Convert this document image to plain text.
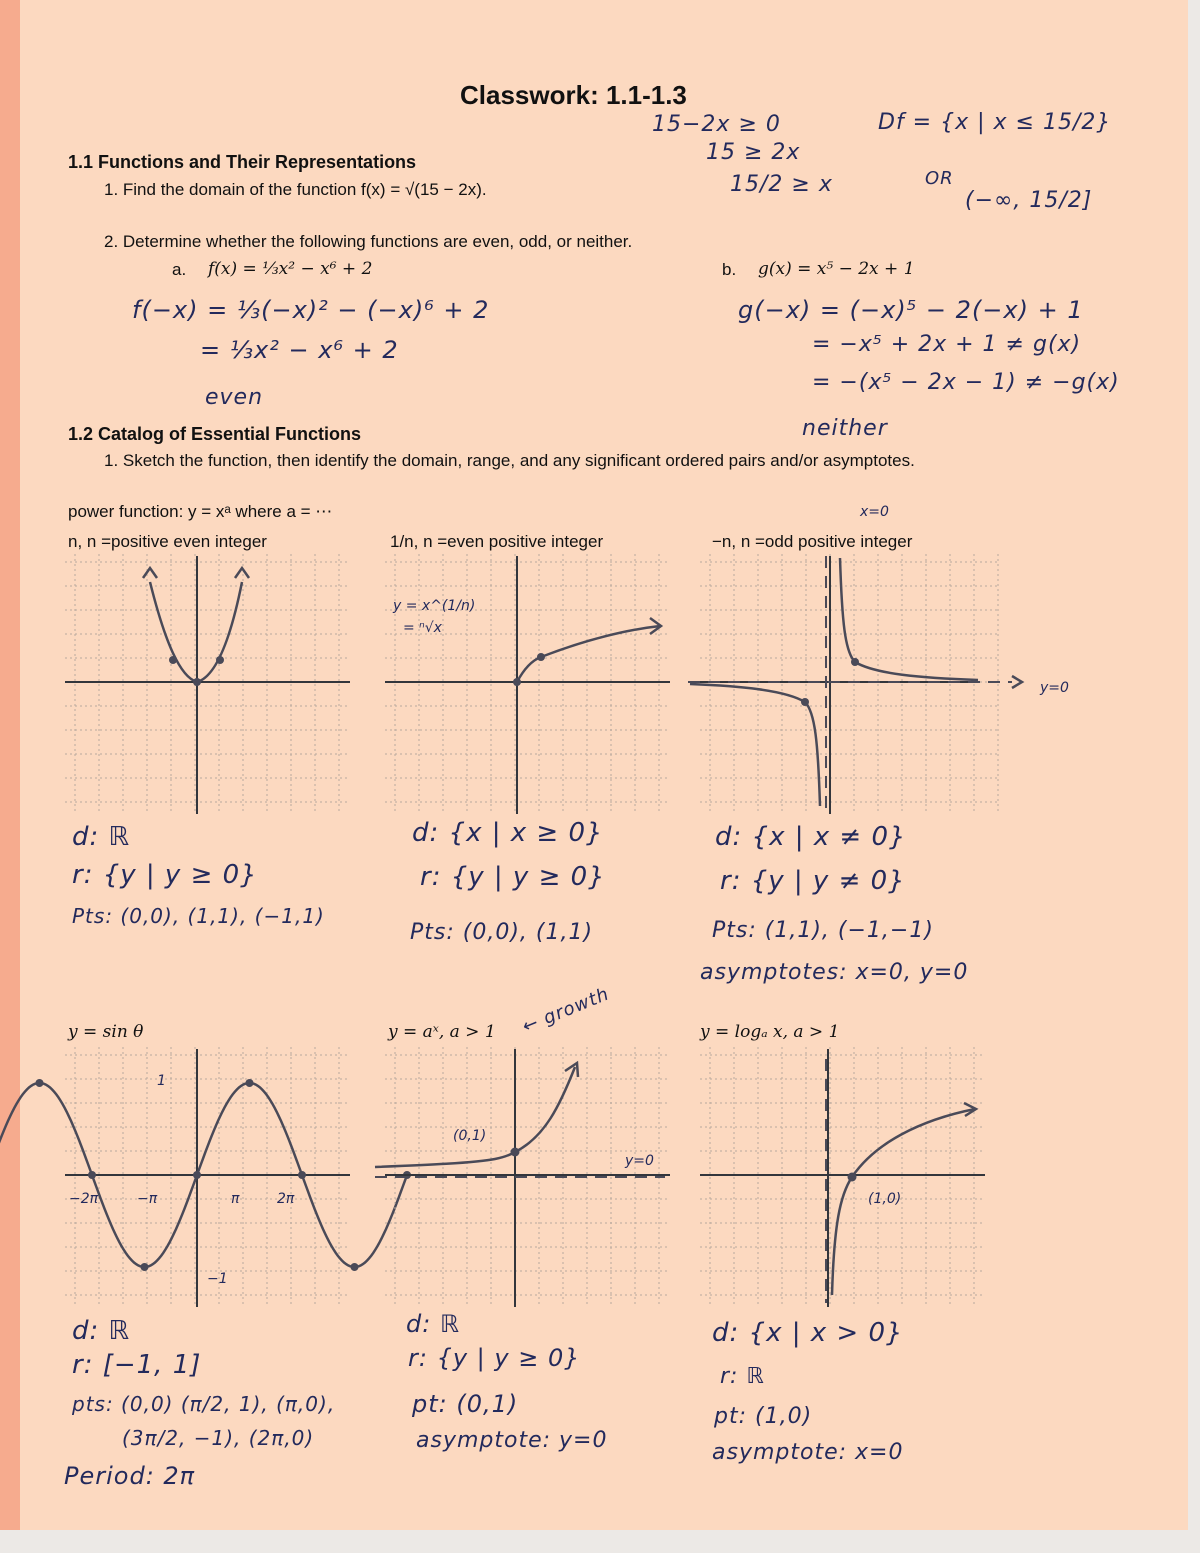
Classwork: 1.1-1.3
1.1 Functions and Their Representations
1. Find the domain of the function f(x) = √(15 − 2x).
15−2x ≥ 0
15 ≥ 2x
15/2 ≥ x
Df = {x | x ≤ 15/2}
OR
(−∞, 15/2]
2. Determine whether the following functions are even, odd, or neither.
a. f(x) = ⅓x² − x⁶ + 2
f(−x) = ⅓(−x)² − (−x)⁶ + 2
= ⅓x² − x⁶ + 2
even
b. g(x) = x⁵ − 2x + 1
g(−x) = (−x)⁵ − 2(−x) + 1
= −x⁵ + 2x + 1 ≠ g(x)
= −(x⁵ − 2x − 1) ≠ −g(x)
neither
1.2 Catalog of Essential Functions
1. Sketch the function, then identify the domain, range, and any significant ordered pairs and/or asymptotes.
power function: y = xᵃ where a = ⋯
n, n =positive even integer	1/n, n =even positive integer	−n, n =odd positive integer
y = x^(1/n)
= ⁿ√x
x=0
y=0
d: ℝ
r: {y | y ≥ 0}
Pts: (0,0), (1,1), (−1,1)
d: {x | x ≥ 0}
r: {y | y ≥ 0}
Pts: (0,0), (1,1)
d: {x | x ≠ 0}
r: {y | y ≠ 0}
Pts: (1,1), (−1,−1)
asymptotes: x=0, y=0
y = sin θ	y = aˣ, a > 1	y = logₐ x, a > 1
← growth
1
−1
−2π	−π	π	2π
(0,1)
y=0
(1,0)
d: ℝ
r: [−1, 1]
pts: (0,0) (π/2, 1), (π,0),
(3π/2, −1), (2π,0)
Period: 2π
d: ℝ
r: {y | y ≥ 0}
pt: (0,1)
asymptote: y=0
d: {x | x > 0}
r: ℝ
pt: (1,0)
asymptote: x=0
